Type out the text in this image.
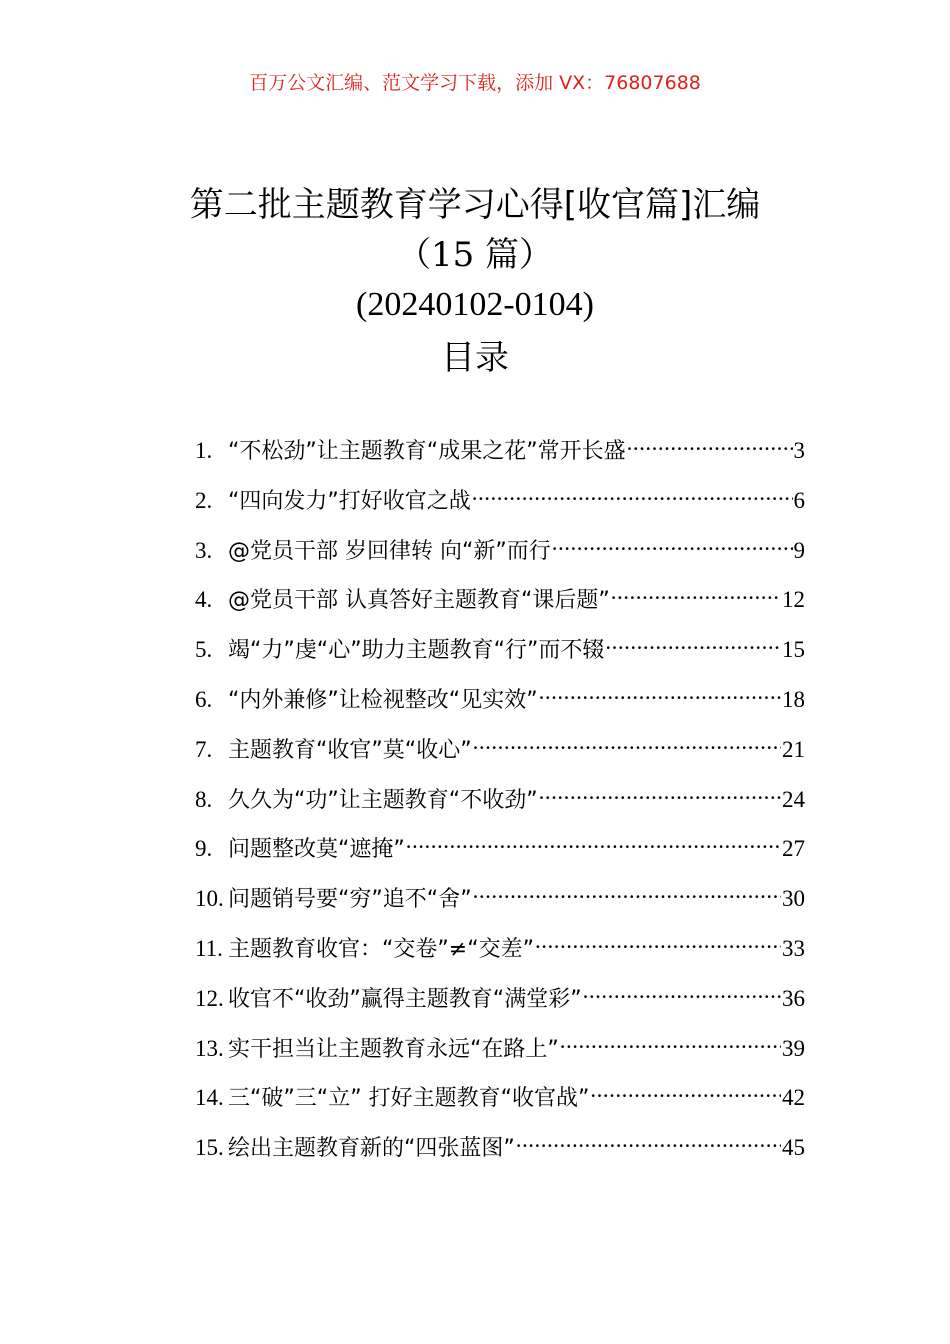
百万公文汇编、范文学习下载，添加 VX：76807688
第二批主题教育学习心得[收官篇]汇编
（15 篇）
(20240102-0104)
目录
1. “不松劲”让主题教育“成果之花”常开长盛 .....	3
2. “四向发力”打好收官之战 .....	6
3. @党员干部 岁回律转 向“新”而行 .....	9
4. @党员干部 认真答好主题教育“课后题” .....	12
5. 竭“力”虔“心”助力主题教育“行”而不辍 .....	15
6. “内外兼修”让检视整改“见实效” .....	18
7. 主题教育“收官”莫“收心” .....	21
8. 久久为“功”让主题教育“不收劲” .....	24
9. 问题整改莫“遮掩” .....	27
10. 问题销号要“穷”追不“舍” .....	30
11. 主题教育收官：“交卷”≠“交差” .....	33
12. 收官不“收劲”赢得主题教育“满堂彩” .....	36
13. 实干担当让主题教育永远“在路上” .....	39
14. 三“破”三“立” 打好主题教育“收官战” .....	42
15. 绘出主题教育新的“四张蓝图” .....	45
